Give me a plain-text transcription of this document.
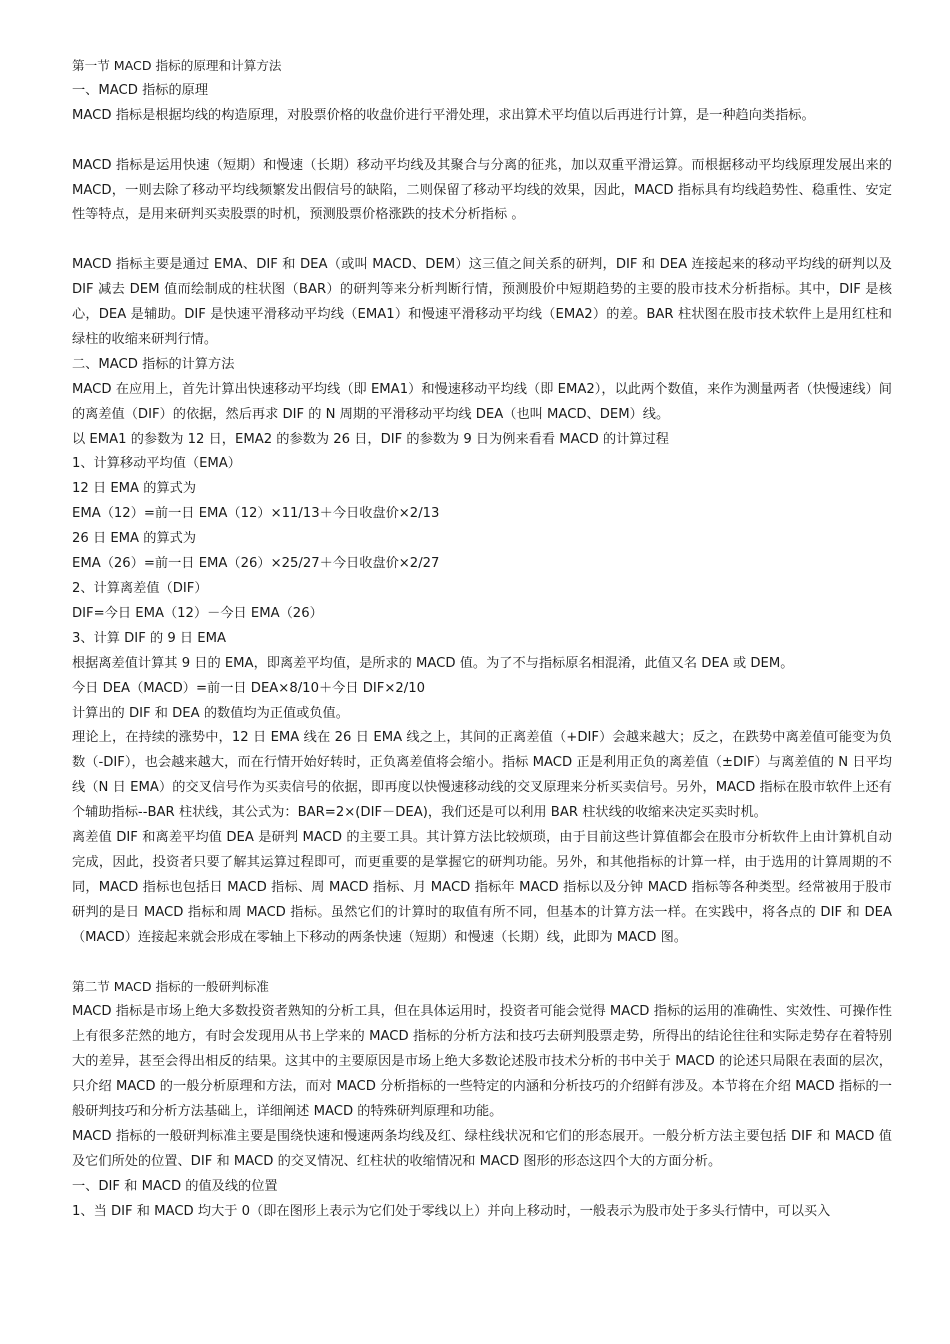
第一节 MACD 指标的原理和计算方法

一、MACD 指标的原理

MACD 指标是根据均线的构造原理，对股票价格的收盘价进行平滑处理，求出算术平均值以后再进行计算，是一种趋向类指标。

MACD 指标是运用快速（短期）和慢速（长期）移动平均线及其聚合与分离的征兆，加以双重平滑运算。而根据移动平均线原理发展出来的 MACD，一则去除了移动平均线频繁发出假信号的缺陷，二则保留了移动平均线的效果，因此，MACD 指标具有均线趋势性、稳重性、安定性等特点，是用来研判买卖股票的时机，预测股票价格涨跌的技术分析指标 。

MACD 指标主要是通过 EMA、DIF 和 DEA（或叫 MACD、DEM）这三值之间关系的研判，DIF 和 DEA 连接起来的移动平均线的研判以及 DIF 减去 DEM 值而绘制成的柱状图（BAR）的研判等来分析判断行情，预测股价中短期趋势的主要的股市技术分析指标。其中，DIF 是核心，DEA 是辅助。DIF 是快速平滑移动平均线（EMA1）和慢速平滑移动平均线（EMA2）的差。BAR 柱状图在股市技术软件上是用红柱和绿柱的收缩来研判行情。

二、MACD 指标的计算方法

MACD 在应用上，首先计算出快速移动平均线（即 EMA1）和慢速移动平均线（即 EMA2），以此两个数值，来作为测量两者（快慢速线）间的离差值（DIF）的依据，然后再求 DIF 的 N 周期的平滑移动平均线 DEA（也叫 MACD、DEM）线。

以 EMA1 的参数为 12 日，EMA2 的参数为 26 日，DIF 的参数为 9 日为例来看看 MACD 的计算过程

1、计算移动平均值（EMA）

12 日 EMA 的算式为

EMA（12）=前一日 EMA（12）×11/13＋今日收盘价×2/13

26 日 EMA 的算式为

EMA（26）=前一日 EMA（26）×25/27＋今日收盘价×2/27

2、计算离差值（DIF）

DIF=今日 EMA（12）－今日 EMA（26）

3、计算 DIF 的 9 日 EMA

根据离差值计算其 9 日的 EMA，即离差平均值，是所求的 MACD 值。为了不与指标原名相混淆，此值又名 DEA 或 DEM。

今日 DEA（MACD）=前一日 DEA×8/10＋今日 DIF×2/10

计算出的 DIF 和 DEA 的数值均为正值或负值。

理论上，在持续的涨势中，12 日 EMA 线在 26 日 EMA 线之上，其间的正离差值（+DIF）会越来越大；反之，在跌势中离差值可能变为负数（-DIF），也会越来越大，而在行情开始好转时，正负离差值将会缩小。指标 MACD 正是利用正负的离差值（±DIF）与离差值的 N 日平均线（N 日 EMA）的交叉信号作为买卖信号的依据，即再度以快慢速移动线的交叉原理来分析买卖信号。另外，MACD 指标在股市软件上还有个辅助指标--BAR 柱状线，其公式为：BAR=2×(DIF－DEA)，我们还是可以利用 BAR 柱状线的收缩来决定买卖时机。

离差值 DIF 和离差平均值 DEA 是研判 MACD 的主要工具。其计算方法比较烦琐，由于目前这些计算值都会在股市分析软件上由计算机自动完成，因此，投资者只要了解其运算过程即可，而更重要的是掌握它的研判功能。另外，和其他指标的计算一样，由于选用的计算周期的不同，MACD 指标也包括日 MACD 指标、周 MACD 指标、月 MACD 指标年 MACD 指标以及分钟 MACD 指标等各种类型。经常被用于股市研判的是日 MACD 指标和周 MACD 指标。虽然它们的计算时的取值有所不同，但基本的计算方法一样。在实践中，将各点的 DIF 和 DEA（MACD）连接起来就会形成在零轴上下移动的两条快速（短期）和慢速（长期）线，此即为 MACD 图。

第二节 MACD 指标的一般研判标准

MACD 指标是市场上绝大多数投资者熟知的分析工具，但在具体运用时，投资者可能会觉得 MACD 指标的运用的准确性、实效性、可操作性上有很多茫然的地方，有时会发现用从书上学来的 MACD 指标的分析方法和技巧去研判股票走势，所得出的结论往往和实际走势存在着特别大的差异，甚至会得出相反的结果。这其中的主要原因是市场上绝大多数论述股市技术分析的书中关于 MACD 的论述只局限在表面的层次，只介绍 MACD 的一般分析原理和方法，而对 MACD 分析指标的一些特定的内涵和分析技巧的介绍鲜有涉及。本节将在介绍 MACD 指标的一般研判技巧和分析方法基础上，详细阐述 MACD 的特殊研判原理和功能。

MACD 指标的一般研判标准主要是围绕快速和慢速两条均线及红、绿柱线状况和它们的形态展开。一般分析方法主要包括 DIF 和 MACD 值及它们所处的位置、DIF 和 MACD 的交叉情况、红柱状的收缩情况和 MACD 图形的形态这四个大的方面分析。

一、DIF 和 MACD 的值及线的位置

1、当 DIF 和 MACD 均大于 0（即在图形上表示为它们处于零线以上）并向上移动时，一般表示为股市处于多头行情中，可以买入
